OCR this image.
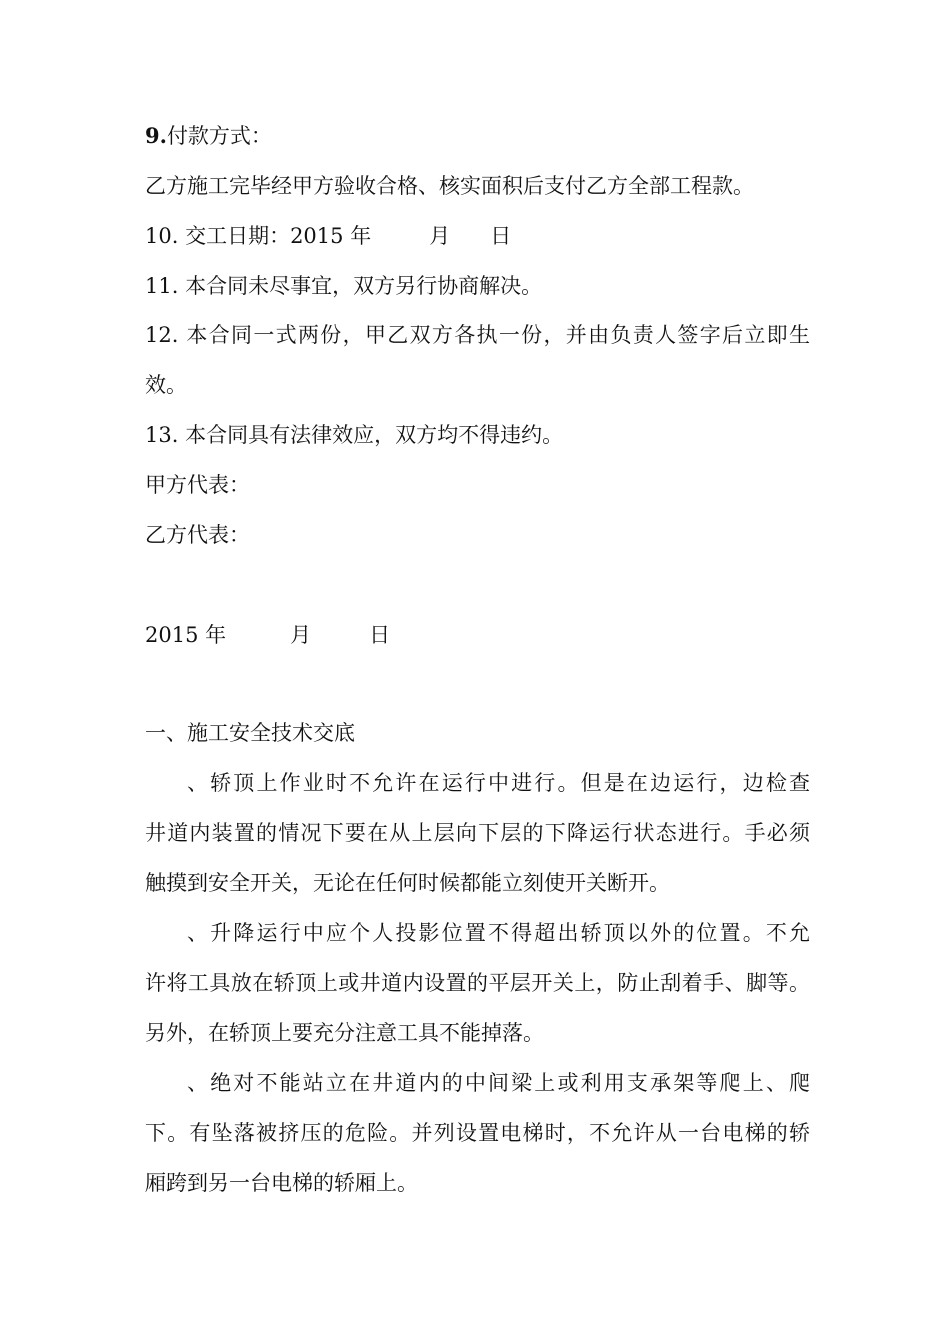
9.付款方式：
乙方施工完毕经甲方验收合格、核实面积后支付乙方全部工程款。
10. 交工日期：2015 年	月 日
11. 本合同未尽事宜，双方另行协商解决。
12. 本合同一式两份，甲乙双方各执一份，并由负责人签字后立即生
效。
13. 本合同具有法律效应，双方均不得违约。
甲方代表：
乙方代表：
2015 年	月	日
一、施工安全技术交底
、轿顶上作业时不允许在运行中进行。但是在边运行，边检查
井道内装置的情况下要在从上层向下层的下降运行状态进行。手必须
触摸到安全开关，无论在任何时候都能立刻使开关断开。
、升降运行中应个人投影位置不得超出轿顶以外的位置。不允
许将工具放在轿顶上或井道内设置的平层开关上，防止刮着手、脚等。
另外，在轿顶上要充分注意工具不能掉落。
、绝对不能站立在井道内的中间梁上或利用支承架等爬上、爬
下。有坠落被挤压的危险。并列设置电梯时，不允许从一台电梯的轿
厢跨到另一台电梯的轿厢上。
